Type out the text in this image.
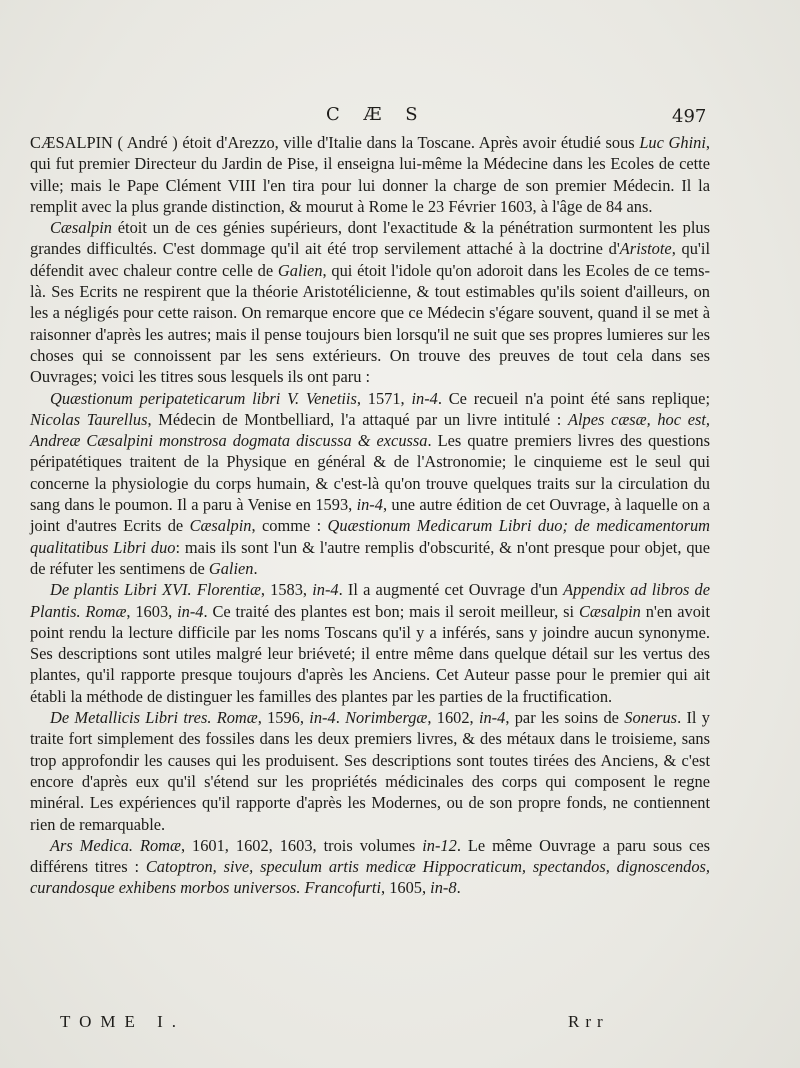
C Æ S	497

CÆSALPIN ( André ) étoit d'Arezzo, ville d'Italie dans la Toscane. Après avoir étudié sous Luc Ghini, qui fut premier Directeur du Jardin de Pise, il enseigna lui-même la Médecine dans les Ecoles de cette ville; mais le Pape Clément VIII l'en tira pour lui donner la charge de son premier Médecin. Il la remplit avec la plus grande distinction, & mourut à Rome le 23 Février 1603, à l'âge de 84 ans.

Cæsalpin étoit un de ces génies supérieurs, dont l'exactitude & la pénétration surmontent les plus grandes difficultés. C'est dommage qu'il ait été trop servilement attaché à la doctrine d'Aristote, qu'il défendit avec chaleur contre celle de Galien, qui étoit l'idole qu'on adoroit dans les Ecoles de ce tems-là. Ses Ecrits ne respirent que la théorie Aristotélicienne, & tout estimables qu'ils soient d'ailleurs, on les a négligés pour cette raison. On remarque encore que ce Médecin s'égare souvent, quand il se met à raisonner d'après les autres; mais il pense toujours bien lorsqu'il ne suit que ses propres lumieres sur les choses qui se connoissent par les sens extérieurs. On trouve des preuves de tout cela dans ses Ouvrages; voici les titres sous lesquels ils ont paru :

Quæstionum peripateticarum libri V. Venetiis, 1571, in-4. Ce recueil n'a point été sans replique; Nicolas Taurellus, Médecin de Montbelliard, l'a attaqué par un livre intitulé : Alpes cæsæ, hoc est, Andreæ Cæsalpini monstrosa dogmata discussa & excussa. Les quatre premiers livres des questions péripatétiques traitent de la Physique en général & de l'Astronomie; le cinquieme est le seul qui concerne la physiologie du corps humain, & c'est-là qu'on trouve quelques traits sur la circulation du sang dans le poumon. Il a paru à Venise en 1593, in-4, une autre édition de cet Ouvrage, à laquelle on a joint d'autres Ecrits de Cæsalpin, comme : Quæstionum Medicarum Libri duo; de medicamentorum qualitatibus Libri duo: mais ils sont l'un & l'autre remplis d'obscurité, & n'ont presque pour objet, que de réfuter les sentimens de Galien.

De plantis Libri XVI. Florentiæ, 1583, in-4. Il a augmenté cet Ouvrage d'un Appendix ad libros de Plantis. Romæ, 1603, in-4. Ce traité des plantes est bon; mais il seroit meilleur, si Cæsalpin n'en avoit point rendu la lecture difficile par les noms Toscans qu'il y a inférés, sans y joindre aucun synonyme. Ses descriptions sont utiles malgré leur briéveté; il entre même dans quelque détail sur les vertus des plantes, qu'il rapporte presque toujours d'après les Anciens. Cet Auteur passe pour le premier qui ait établi la méthode de distinguer les familles des plantes par les parties de la fructification.

De Metallicis Libri tres. Romæ, 1596, in-4. Norimbergæ, 1602, in-4, par les soins de Sonerus. Il y traite fort simplement des fossiles dans les deux premiers livres, & des métaux dans le troisieme, sans trop approfondir les causes qui les produisent. Ses descriptions sont toutes tirées des Anciens, & c'est encore d'après eux qu'il s'étend sur les propriétés médicinales des corps qui composent le regne minéral. Les expériences qu'il rapporte d'après les Modernes, ou de son propre fonds, ne contiennent rien de remarquable.

Ars Medica. Romæ, 1601, 1602, 1603, trois volumes in-12. Le même Ouvrage a paru sous ces différens titres : Catoptron, sive, speculum artis medicæ Hippocraticum, spectandos, dignoscendos, curandosque exhibens morbos universos. Francofurti, 1605, in-8.

TOME I.	Rrr
